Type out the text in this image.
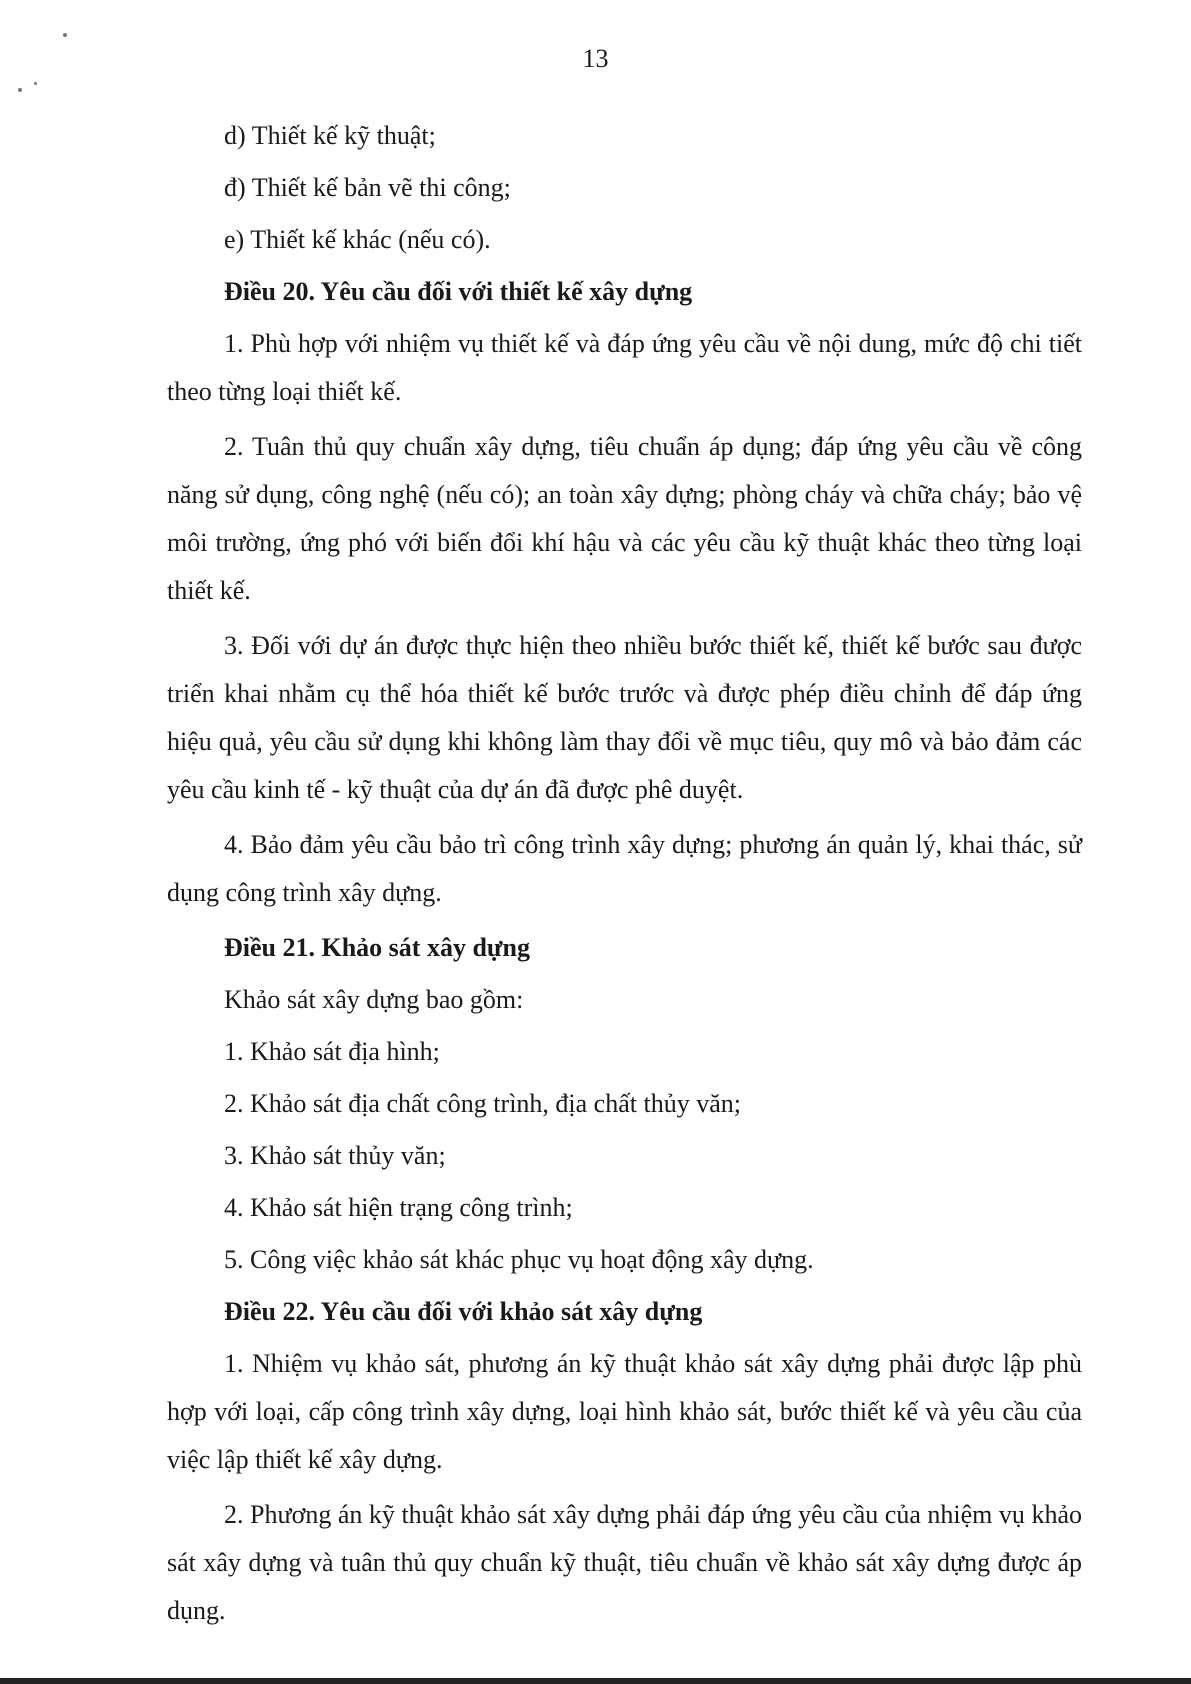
13
d) Thiết kế kỹ thuật;
đ) Thiết kế bản vẽ thi công;
e) Thiết kế khác (nếu có).
Điều 20. Yêu cầu đối với thiết kế xây dựng

1. Phù hợp với nhiệm vụ thiết kế và đáp ứng yêu cầu về nội dung, mức độ chi tiết theo từng loại thiết kế.

2. Tuân thủ quy chuẩn xây dựng, tiêu chuẩn áp dụng; đáp ứng yêu cầu về công năng sử dụng, công nghệ (nếu có); an toàn xây dựng; phòng cháy và chữa cháy; bảo vệ môi trường, ứng phó với biến đổi khí hậu và các yêu cầu kỹ thuật khác theo từng loại thiết kế.

3. Đối với dự án được thực hiện theo nhiều bước thiết kế, thiết kế bước sau được triển khai nhằm cụ thể hóa thiết kế bước trước và được phép điều chỉnh để đáp ứng hiệu quả, yêu cầu sử dụng khi không làm thay đổi về mục tiêu, quy mô và bảo đảm các yêu cầu kinh tế - kỹ thuật của dự án đã được phê duyệt.

4. Bảo đảm yêu cầu bảo trì công trình xây dựng; phương án quản lý, khai thác, sử dụng công trình xây dựng.

Điều 21. Khảo sát xây dựng
Khảo sát xây dựng bao gồm:
1. Khảo sát địa hình;
2. Khảo sát địa chất công trình, địa chất thủy văn;
3. Khảo sát thủy văn;
4. Khảo sát hiện trạng công trình;
5. Công việc khảo sát khác phục vụ hoạt động xây dựng.
Điều 22. Yêu cầu đối với khảo sát xây dựng

1. Nhiệm vụ khảo sát, phương án kỹ thuật khảo sát xây dựng phải được lập phù hợp với loại, cấp công trình xây dựng, loại hình khảo sát, bước thiết kế và yêu cầu của việc lập thiết kế xây dựng.

2. Phương án kỹ thuật khảo sát xây dựng phải đáp ứng yêu cầu của nhiệm vụ khảo sát xây dựng và tuân thủ quy chuẩn kỹ thuật, tiêu chuẩn về khảo sát xây dựng được áp dụng.
